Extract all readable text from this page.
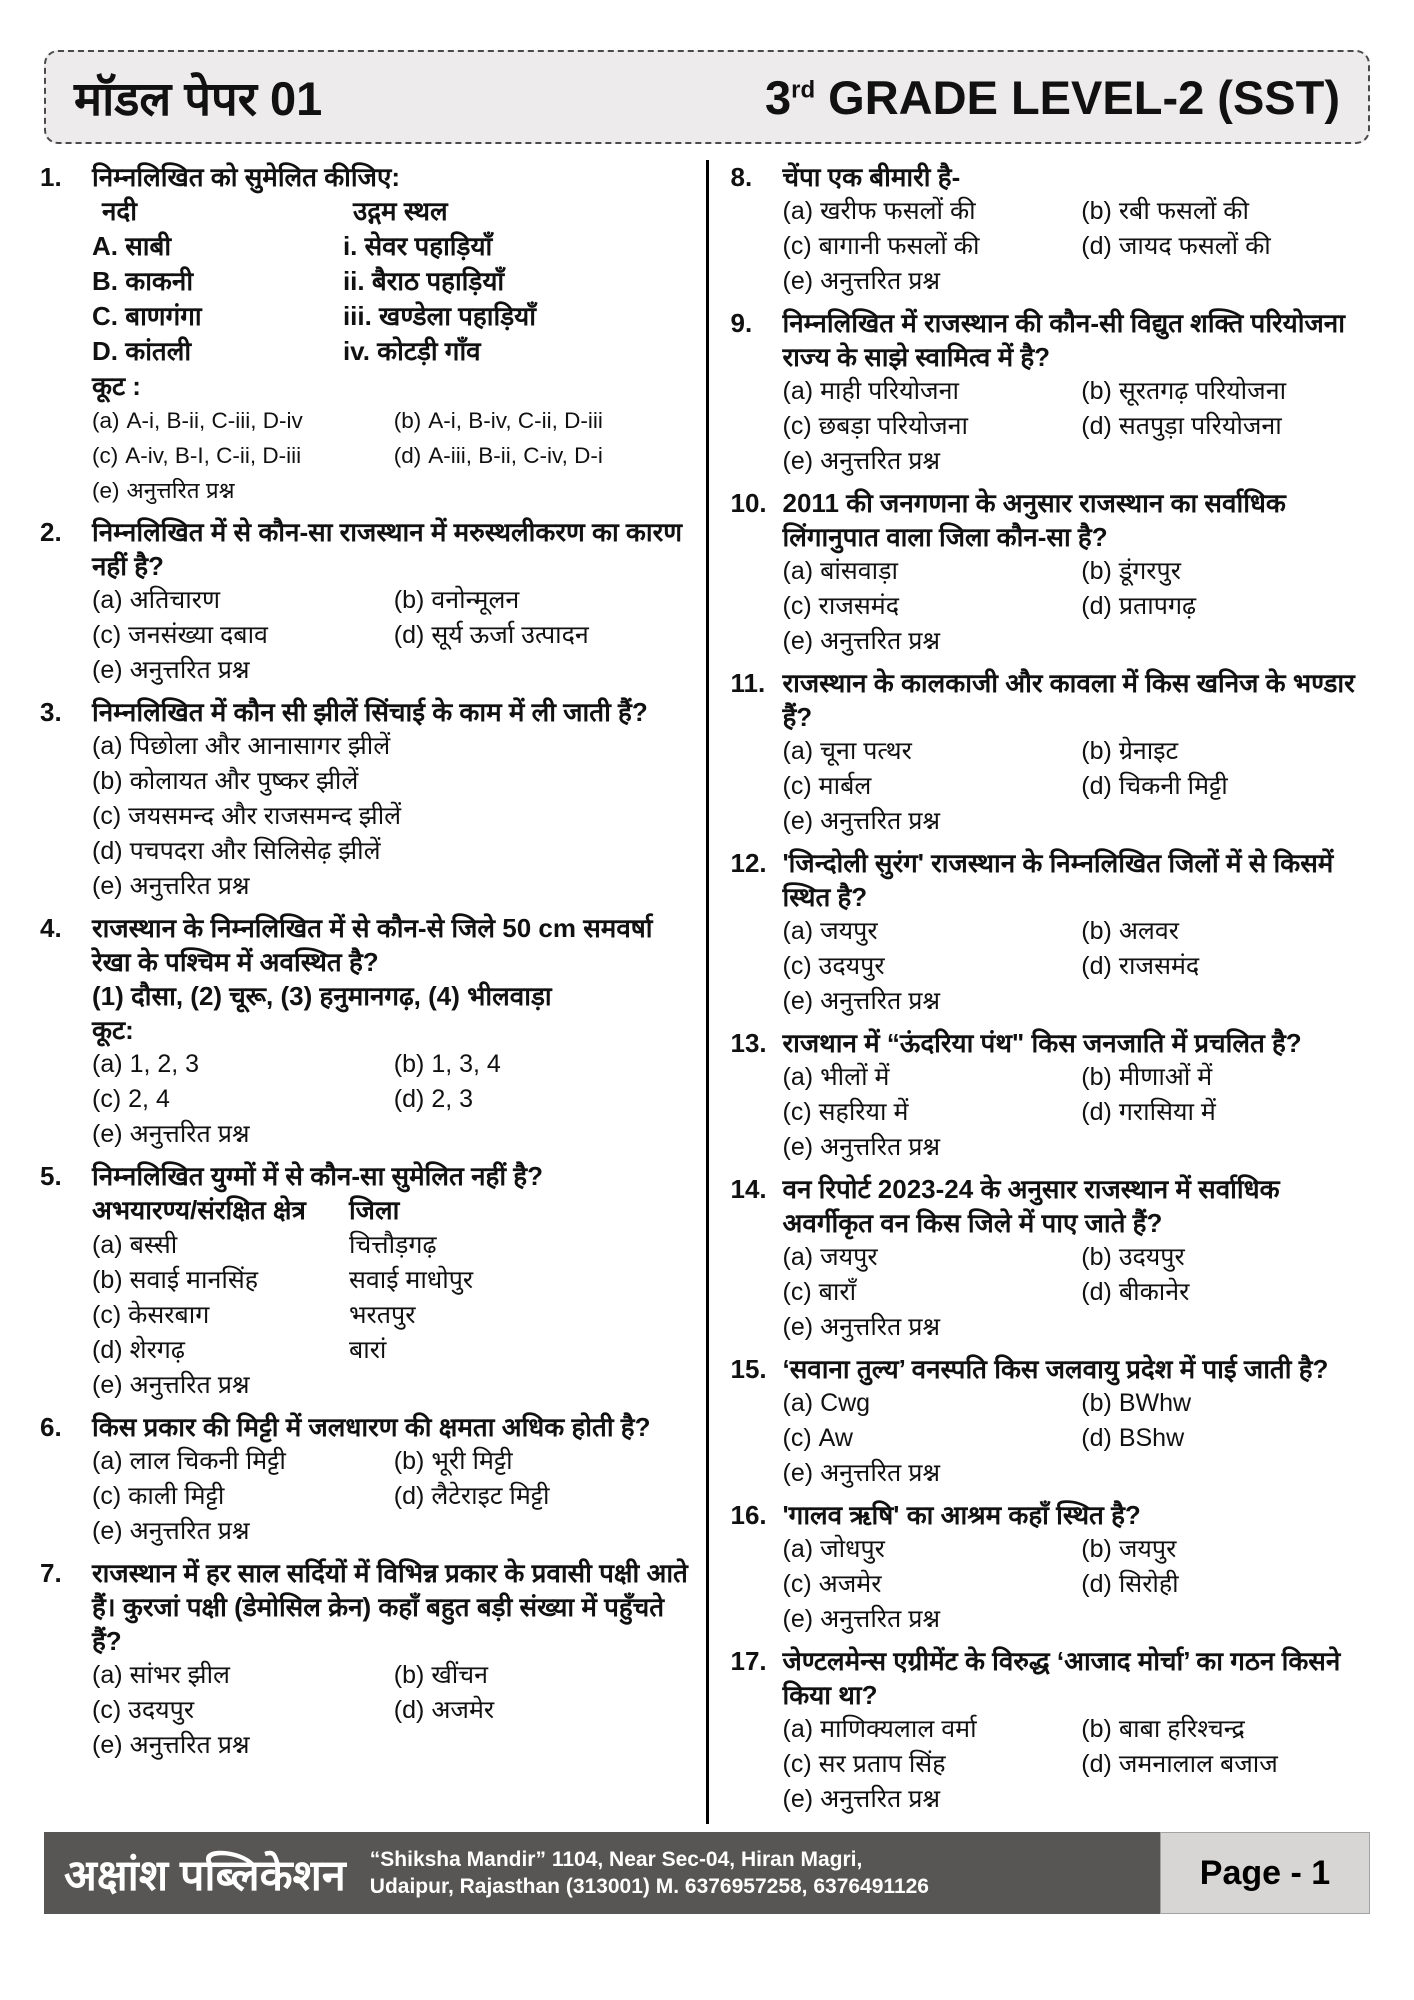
मॉडल पेपर 01	3rd GRADE LEVEL-2 (SST)
1.	निम्नलिखित को सुमेलित कीजिए:
नदी	उद्गम स्थल
A. साबी	i. सेवर पहाड़ियाँ
B. काकनी	ii. बैराठ पहाड़ियाँ
C. बाणगंगा	iii. खण्डेला पहाड़ियाँ
D. कांतली	iv. कोटड़ी गाँव
कूट :
(a) A-i, B-ii, C-iii, D-iv	(b) A-i, B-iv, C-ii, D-iii
(c) A-iv, B-I, C-ii, D-iii	(d) A-iii, B-ii, C-iv, D-i
(e) अनुत्तरित प्रश्न
2.	निम्नलिखित में से कौन-सा राजस्थान में मरुस्थलीकरण का कारण नहीं है?
(a) अतिचारण	(b) वनोन्मूलन
(c) जनसंख्या दबाव	(d) सूर्य ऊर्जा उत्पादन
(e) अनुत्तरित प्रश्न
3.	निम्नलिखित में कौन सी झीलें सिंचाई के काम में ली जाती हैं?
(a) पिछोला और आनासागर झीलें
(b) कोलायत और पुष्कर झीलें
(c) जयसमन्द और राजसमन्द झीलें
(d) पचपदरा और सिलिसेढ़ झीलें
(e) अनुत्तरित प्रश्न
4.	राजस्थान के निम्नलिखित में से कौन-से जिले 50 cm समवर्षा रेखा के पश्चिम में अवस्थित है?
(1) दौसा, (2) चूरू, (3) हनुमानगढ़, (4) भीलवाड़ा
कूट:
(a) 1, 2, 3	(b) 1, 3, 4
(c) 2, 4	(d) 2, 3
(e) अनुत्तरित प्रश्न
5.	निम्नलिखित युग्मों में से कौन-सा सुमेलित नहीं है?
अभयारण्य/संरक्षित क्षेत्र	जिला
(a) बस्सी	चित्तौड़गढ़
(b) सवाई मानसिंह	सवाई माधोपुर
(c) केसरबाग	भरतपुर
(d) शेरगढ़	बारां
(e) अनुत्तरित प्रश्न
6.	किस प्रकार की मिट्टी में जलधारण की क्षमता अधिक होती है?
(a) लाल चिकनी मिट्टी	(b) भूरी मिट्टी
(c) काली मिट्टी	(d) लैटेराइट मिट्टी
(e) अनुत्तरित प्रश्न
7.	राजस्थान में हर साल सर्दियों में विभिन्न प्रकार के प्रवासी पक्षी आते हैं। कुरजां पक्षी (डेमोसिल क्रेन) कहाँ बहुत बड़ी संख्या में पहुँचते हैं?
(a) सांभर झील	(b) खींचन
(c) उदयपुर	(d) अजमेर
(e) अनुत्तरित प्रश्न
8.	चेंपा एक बीमारी है-
(a) खरीफ फसलों की	(b) रबी फसलों की
(c) बागानी फसलों की	(d) जायद फसलों की
(e) अनुत्तरित प्रश्न
9.	निम्नलिखित में राजस्थान की कौन-सी विद्युत शक्ति परियोजना राज्य के साझे स्वामित्व में है?
(a) माही परियोजना	(b) सूरतगढ़ परियोजना
(c) छबड़ा परियोजना	(d) सतपुड़ा परियोजना
(e) अनुत्तरित प्रश्न
10. 2011 की जनगणना के अनुसार राजस्थान का सर्वाधिक लिंगानुपात वाला जिला कौन-सा है?
(a) बांसवाड़ा	(b) डूंगरपुर
(c) राजसमंद	(d) प्रतापगढ़
(e) अनुत्तरित प्रश्न
11. राजस्थान के कालकाजी और कावला में किस खनिज के भण्डार हैं?
(a) चूना पत्थर	(b) ग्रेनाइट
(c) मार्बल	(d) चिकनी मिट्टी
(e) अनुत्तरित प्रश्न
12. 'जिन्दोली सुरंग' राजस्थान के निम्नलिखित जिलों में से किसमें स्थित है?
(a) जयपुर	(b) अलवर
(c) उदयपुर	(d) राजसमंद
(e) अनुत्तरित प्रश्न
13. राजथान में “ऊंदरिया पंथ" किस जनजाति में प्रचलित है?
(a) भीलों में	(b) मीणाओं में
(c) सहरिया में	(d) गरासिया में
(e) अनुत्तरित प्रश्न
14. वन रिपोर्ट 2023-24 के अनुसार राजस्थान में सर्वाधिक अवर्गीकृत वन किस जिले में पाए जाते हैं?
(a) जयपुर	(b) उदयपुर
(c) बाराँ	(d) बीकानेर
(e) अनुत्तरित प्रश्न
15. ‘सवाना तुल्य’ वनस्पति किस जलवायु प्रदेश में पाई जाती है?
(a) Cwg	(b) BWhw
(c) Aw	(d) BShw
(e) अनुत्तरित प्रश्न
16. 'गालव ऋषि' का आश्रम कहाँ स्थित है?
(a) जोधपुर	(b) जयपुर
(c) अजमेर	(d) सिरोही
(e) अनुत्तरित प्रश्न
17. जेण्टलमेन्स एग्रीमेंट के विरुद्ध ‘आजाद मोर्चा’ का गठन किसने किया था?
(a) माणिक्यलाल वर्मा	(b) बाबा हरिश्चन्द्र
(c) सर प्रताप सिंह	(d) जमनालाल बजाज
(e) अनुत्तरित प्रश्न
अक्षांश पब्लिकेशन “Shiksha Mandir” 1104, Near Sec-04, Hiran Magri,
Udaipur, Rajasthan (313001) M. 6376957258, 6376491126	Page - 1
